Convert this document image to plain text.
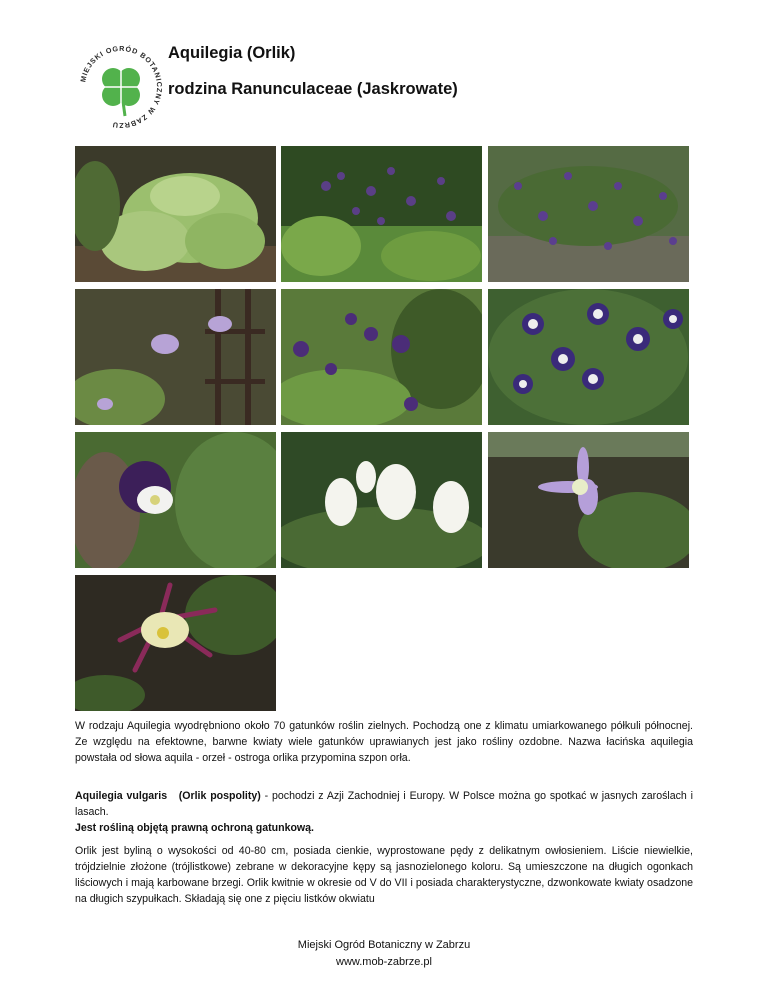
MIEJSKI OGRÓD BOTANICZNY W ZABRZU
Aquilegia (Orlik)
rodzina Ranunculaceae (Jaskrowate)
W rodzaju Aquilegia wyodrębniono około 70 gatunków roślin zielnych. Pochodzą one z klimatu umiarkowanego półkuli północnej. Ze względu na efektowne, barwne kwiaty wiele gatunków uprawianych jest jako rośliny ozdobne. Nazwa łacińska aquilegia powstała od słowa aquila - orzeł - ostroga orlika przypomina szpon orła.
Aquilegia vulgaris (Orlik pospolity) - pochodzi z Azji Zachodniej i Europy. W Polsce można go spotkać w jasnych zaroślach i lasach.
Jest rośliną objętą prawną ochroną gatunkową.
Orlik jest byliną o wysokości od 40-80 cm, posiada cienkie, wyprostowane pędy z delikatnym owłosieniem. Liście niewielkie, trójdzielnie złożone (trójlistkowe) zebrane w dekoracyjne kępy są jasnozielonego koloru. Są umieszczone na długich ogonkach liściowych i mają karbowane brzegi. Orlik kwitnie w okresie od V do VII i posiada charakterystyczne, dzwonkowate kwiaty osadzone na długich szypułkach. Składają się one z pięciu listków okwiatu
Miejski Ogród Botaniczny w Zabrzu
www.mob-zabrze.pl
